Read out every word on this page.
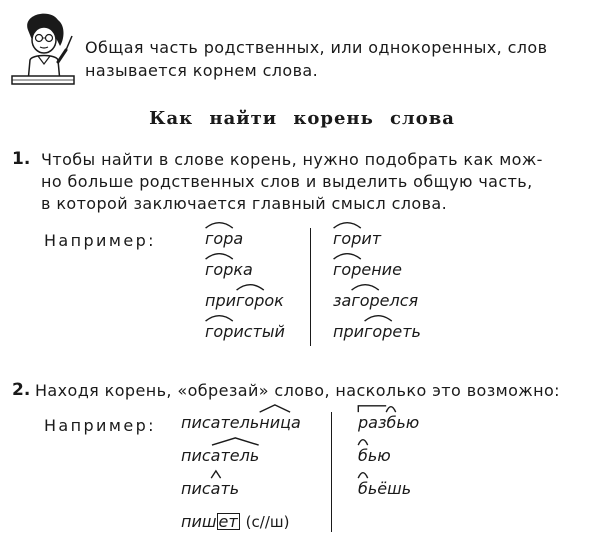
Общая часть родственных, или однокоренных, слов
называется корнем слова.
Как найти корень слова
1. Чтобы найти в слове корень, нужно подобрать как мож-
но больше родственных слов и выделить общую часть,
в которой заключается главный смысл слова.
Например:	гор
а
гор
ка
пригор
ок
гор
истый
гор
ит
гор
ение
загор
елся
пригор
еть
2. Находя корень, «обрезай» слово, насколько это возможно:
Например: писательниц
а
писатель
писа
ть
пиш ет (с//ш)
раз
б
ью
б
ью
б
ьёшь
